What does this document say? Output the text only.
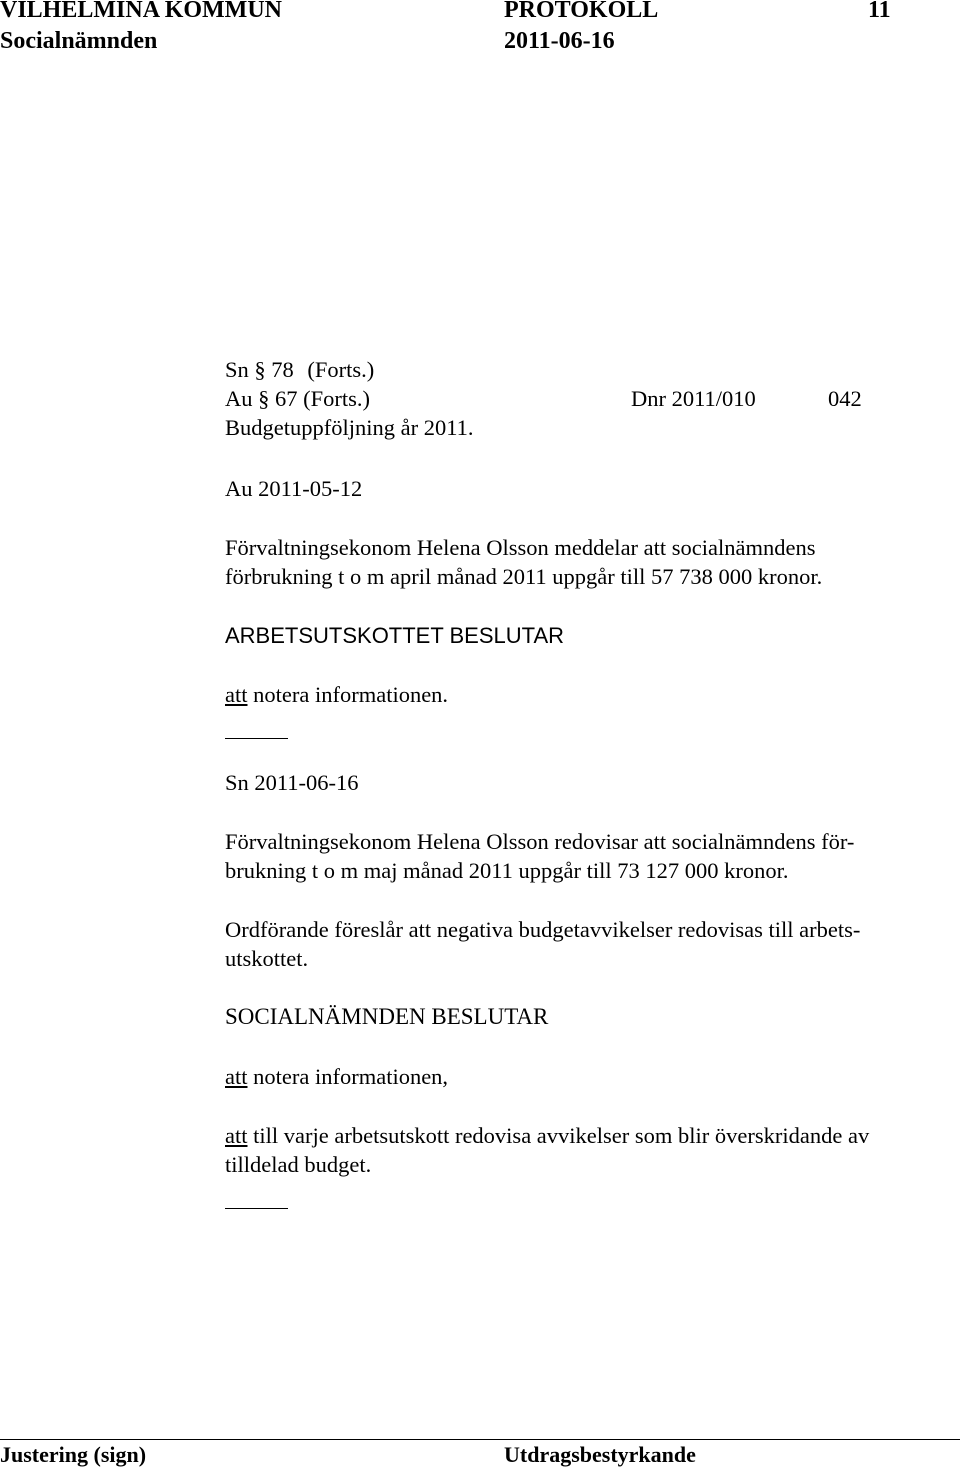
VILHELMINA KOMMUN	PROTOKOLL	11
Socialnämnden	2011-06-16
Sn § 78 (Forts.)
Au § 67 (Forts.)	Dnr 2011/010	042
Budgetuppföljning år 2011.
Au 2011-05-12
Förvaltningsekonom Helena Olsson meddelar att socialnämndens
förbrukning t o m april månad 2011 uppgår till 57 738 000 kronor.
ARBETSUTSKOTTET BESLUTAR
att notera informationen.
Sn 2011-06-16
Förvaltningsekonom Helena Olsson redovisar att socialnämndens för-
brukning t o m maj månad 2011 uppgår till 73 127 000 kronor.
Ordförande föreslår att negativa budgetavvikelser redovisas till arbets-
utskottet.
SOCIALNÄMNDEN BESLUTAR
att notera informationen,
att till varje arbetsutskott redovisa avvikelser som blir överskridande av
tilldelad budget.
Justering (sign)	Utdragsbestyrkande
